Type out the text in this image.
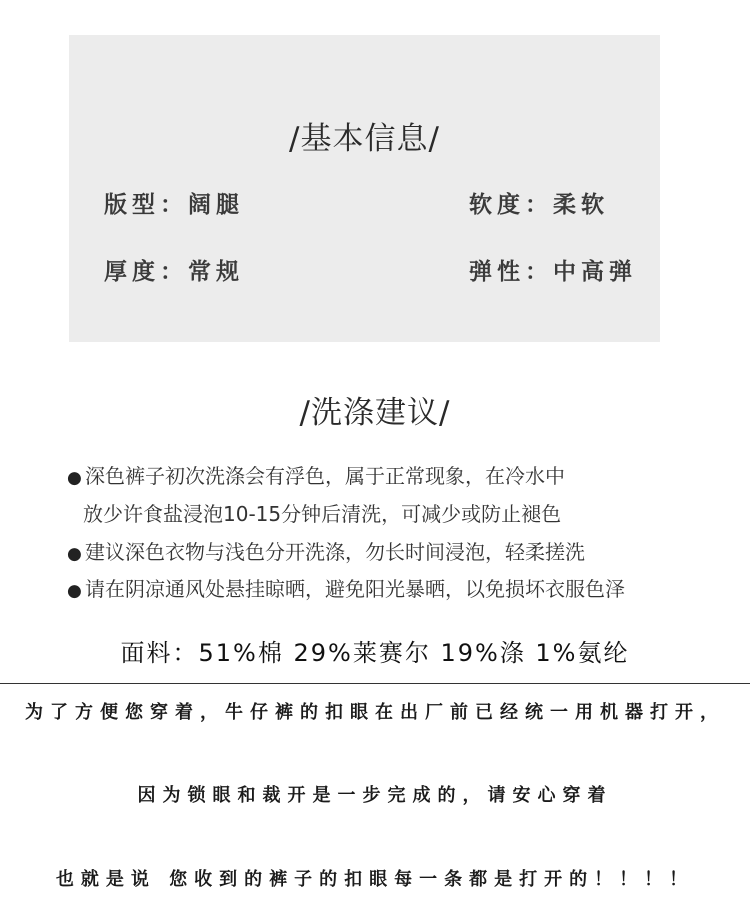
/基本信息/
版型：阔腿	软度：柔软
厚度：常规	弹性：中高弹
/洗涤建议/
● 深色裤子初次洗涤会有浮色，属于正常现象，在冷水中
放少许食盐浸泡10-15分钟后清洗，可减少或防止褪色
● 建议深色衣物与浅色分开洗涤，勿长时间浸泡，轻柔搓洗
● 请在阴凉通风处悬挂晾晒，避免阳光暴晒，以免损坏衣服色泽
面料：51%棉 29%莱赛尔 19%涤 1%氨纶
为了方便您穿着，牛仔裤的扣眼在出厂前已经统一用机器打开，
因为锁眼和裁开是一步完成的，请安心穿着
也就是说 您收到的裤子的扣眼每一条都是打开的！！！！
